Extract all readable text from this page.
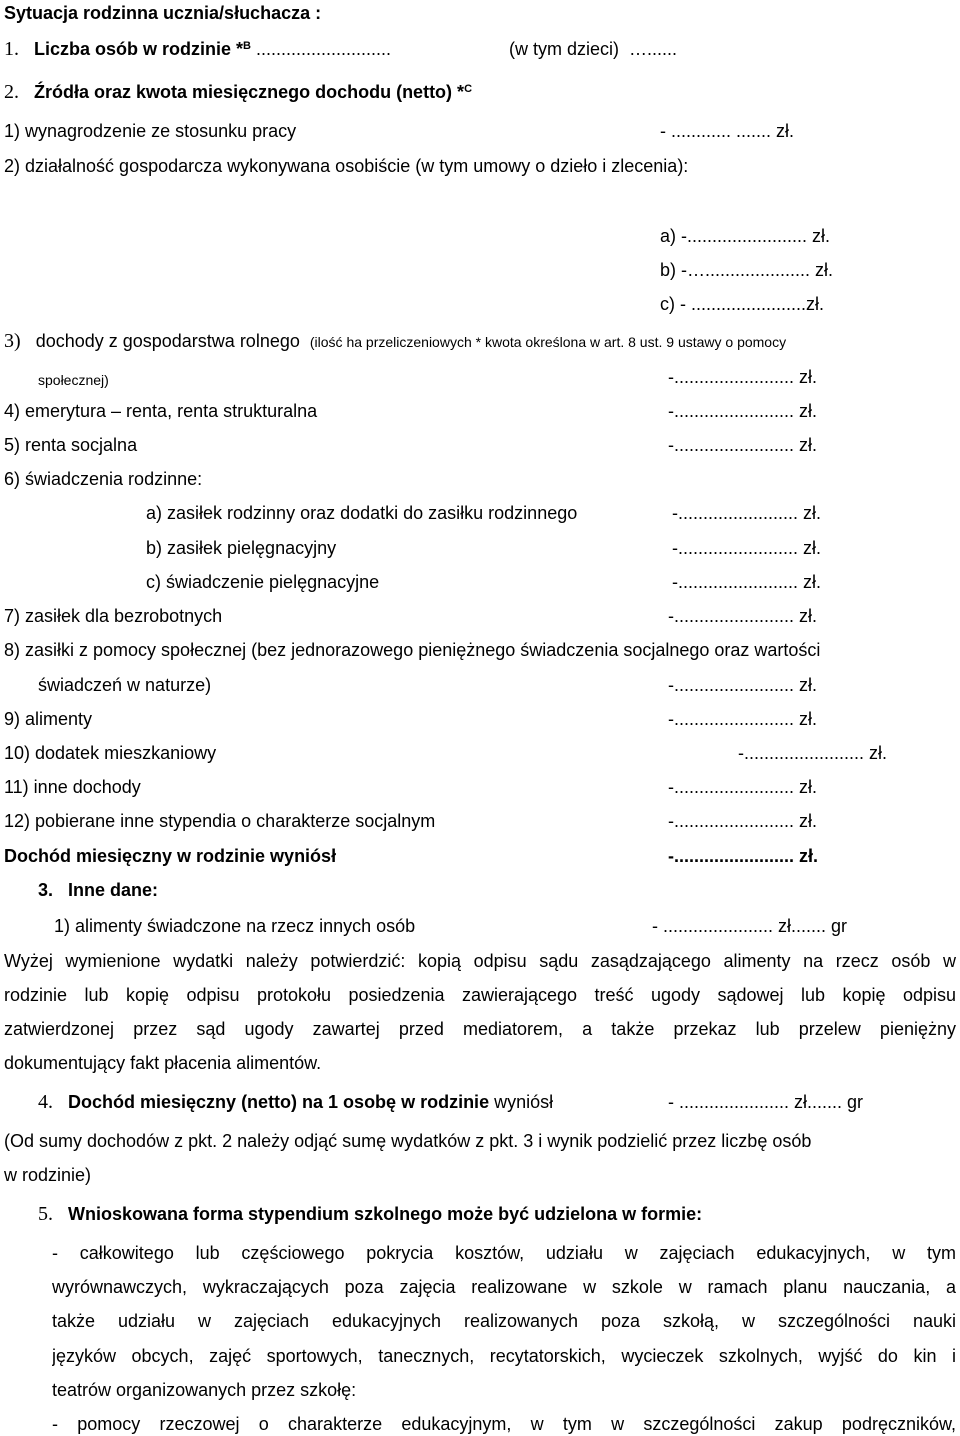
Sytuacja rodzinna ucznia/słuchacza :
1. Liczba osób w rodzinie *$^B$ ...........................	(w tym dzieci) …......
2. Źródła oraz kwota miesięcznego dochodu (netto) *$^C$
1) wynagrodzenie ze stosunku pracy	- ............ ....... zł.
2) działalność gospodarcza wykonywana osobiście (w tym umowy o dzieło i zlecenia):
a) -........................ zł.
b) -…..................... zł.
c) - .......................zł.
3) dochody z gospodarstwa rolnego (ilość ha przeliczeniowych * kwota określona w art. 8 ust. 9 ustawy o pomocy
społecznej)	-........................ zł.
4) emerytura – renta, renta strukturalna	-........................ zł.
5) renta socjalna	-........................ zł.
6) świadczenia rodzinne:
a) zasiłek rodzinny oraz dodatki do zasiłku rodzinnego	-........................ zł.
b) zasiłek pielęgnacyjny	-........................ zł.
c) świadczenie pielęgnacyjne	-........................ zł.
7) zasiłek dla bezrobotnych	-........................ zł.
8) zasiłki z pomocy społecznej (bez jednorazowego pieniężnego świadczenia socjalnego oraz wartości
świadczeń w naturze)	-........................ zł.
9) alimenty	-........................ zł.
10) dodatek mieszkaniowy	-........................ zł.
11) inne dochody	-........................ zł.
12) pobierane inne stypendia o charakterze socjalnym	-........................ zł.
Dochód miesięczny w rodzinie wyniósł	-........................ zł.
3. Inne dane:
1) alimenty świadczone na rzecz innych osób	- ...................... zł....... gr
Wyżej wymienione wydatki należy potwierdzić: kopią odpisu sądu zasądzającego alimenty na rzecz osób w
rodzinie lub kopię odpisu protokołu posiedzenia zawierającego treść ugody sądowej lub kopię odpisu
zatwierdzonej przez sąd ugody zawartej przed mediatorem, a także przekaz lub przelew pieniężny
dokumentujący fakt płacenia alimentów.
4. Dochód miesięczny (netto) na 1 osobę w rodzinie wyniósł	- ...................... zł....... gr
(Od sumy dochodów z pkt. 2 należy odjąć sumę wydatków z pkt. 3 i wynik podzielić przez liczbę osób
w rodzinie)
5. Wnioskowana forma stypendium szkolnego może być udzielona w formie:
- całkowitego lub częściowego pokrycia kosztów, udziału w zajęciach edukacyjnych, w tym
wyrównawczych, wykraczających poza zajęcia realizowane w szkole w ramach planu nauczania, a
także udziału w zajęciach edukacyjnych realizowanych poza szkołą, w szczególności nauki
języków obcych, zajęć sportowych, tanecznych, recytatorskich, wycieczek szkolnych, wyjść do kin i
teatrów organizowanych przez szkołę:
- pomocy rzeczowej o charakterze edukacyjnym, w tym w szczególności zakup podręczników,
